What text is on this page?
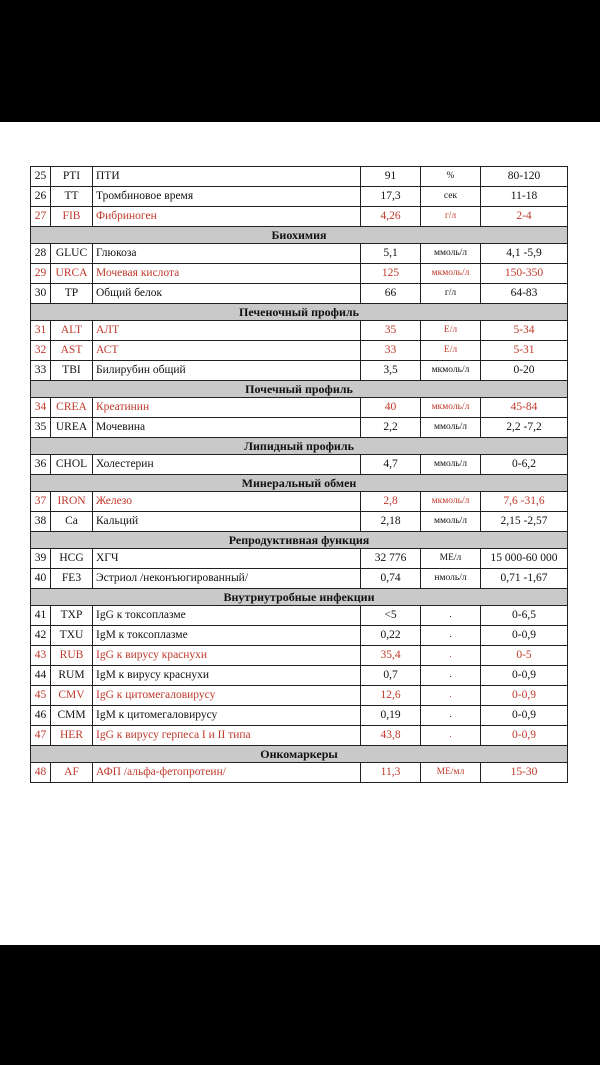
25	PTI	ПТИ	91	%	80-120
26	TT	Тромбиновое время	17,3	сек	11-18
27	FIB	Фибриноген	4,26	г/л	2-4
Биохимия					
28	GLUC	Глюкоза	5,1	ммоль/л	4,1 -5,9
29	URCA	Мочевая кислота	125	мкмоль/л	150-350
30	TP	Общий белок	66	г/л	64-83
Печеночный профиль					
31	ALT	АЛТ	35	Е/л	5-34
32	AST	АСТ	33	Е/л	5-31
33	TBI	Билирубин общий	3,5	мкмоль/л	0-20
Почечный профиль					
34	CREA	Креатинин	40	мкмоль/л	45-84
35	UREA	Мочевина	2,2	ммоль/л	2,2 -7,2
Липидный профиль					
36	CHOL	Холестерин	4,7	ммоль/л	0-6,2
Минеральный обмен					
37	IRON	Железо	2,8	мкмоль/л	7,6 -31,6
38	Ca	Кальций	2,18	ммоль/л	2,15 -2,57
Репродуктивная функция					
39	HCG	ХГЧ	32 776	МЕ/л	15 000-60 000
40	FE3	Эстриол /неконъюгированный/	0,74	нмоль/л	0,71 -1,67
Внутриутробные инфекции					
41	TXP	IgG к токсоплазме	<5	.	0-6,5
42	TXU	IgM к токсоплазме	0,22	.	0-0,9
43	RUB	IgG к вирусу краснухи	35,4	.	0-5
44	RUM	IgM к вирусу краснухи	0,7	.	0-0,9
45	CMV	IgG к цитомегаловирусу	12,6	.	0-0,9
46	CMM	IgM к цитомегаловирусу	0,19	.	0-0,9
47	HER	IgG к вирусу герпеса I и II типа	43,8	.	0-0,9
Онкомаркеры					
48	AF	АФП /альфа-фетопротеин/	11,3	МЕ/мл	15-30
